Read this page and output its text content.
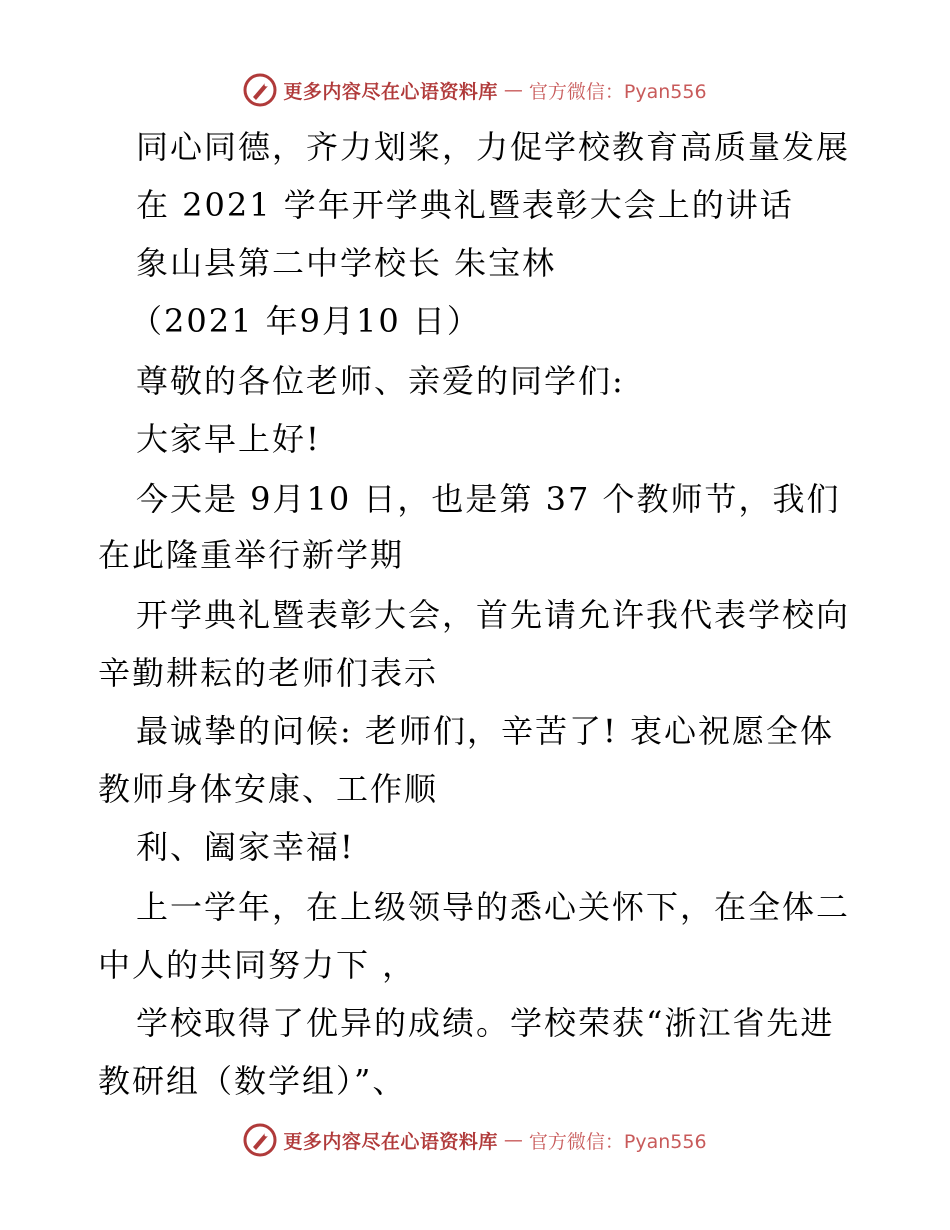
更多内容尽在心语资料库 — 官方微信：Pyan556
同心同德，齐力划桨，力促学校教育高质量发展
在 2021 学年开学典礼暨表彰大会上的讲话
象山县第二中学校长 朱宝林
（2021 年9月10 日）
尊敬的各位老师、亲爱的同学们:
大家早上好!
今天是 9月10 日，也是第 37 个教师节，我们
在此隆重举行新学期
开学典礼暨表彰大会，首先请允许我代表学校向
辛勤耕耘的老师们表示
最诚挚的问候: 老师们，辛苦了! 衷心祝愿全体
教师身体安康、工作顺
利、阖家幸福!
上一学年，在上级领导的悉心关怀下，在全体二
中人的共同努力下 ，
学校取得了优异的成绩。学校荣获“浙江省先进
教研组（数学组）”、
更多内容尽在心语资料库 — 官方微信：Pyan556
